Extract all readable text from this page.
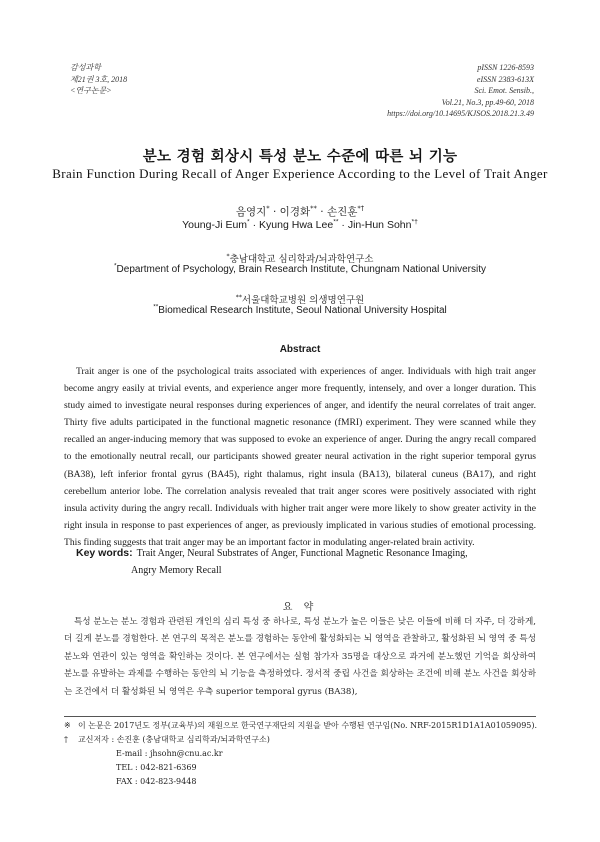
감성과학
제21권 3호, 2018
<연구논문>
pISSN 1226-8593
eISSN 2383-613X
Sci. Emot. Sensib.,
Vol.21, No.3, pp.49-60, 2018
https://doi.org/10.14695/KJSOS.2018.21.3.49
분노 경험 회상시 특성 분노 수준에 따른 뇌 기능
Brain Function During Recall of Anger Experience According to the Level of Trait Anger
음영지* · 이경화** · 손진훈*†
Young-Ji Eum* · Kyung Hwa Lee** · Jin-Hun Sohn*†
*충남대학교 심리학과/뇌과학연구소
*Department of Psychology, Brain Research Institute, Chungnam National University
**서울대학교병원 의생명연구원
**Biomedical Research Institute, Seoul National University Hospital
Abstract

Trait anger is one of the psychological traits associated with experiences of anger. Individuals with high trait anger become angry easily at trivial events, and experience anger more frequently, intensely, and over a longer duration. This study aimed to investigate neural responses during experiences of anger, and identify the neural correlates of trait anger. Thirty five adults participated in the functional magnetic resonance (fMRI) experiment. They were scanned while they recalled an anger-inducing memory that was supposed to evoke an experience of anger. During the angry recall compared to the emotionally neutral recall, our participants showed greater neural activation in the right superior temporal gyrus (BA38), left inferior frontal gyrus (BA45), right thalamus, right insula (BA13), bilateral cuneus (BA17), and right cerebellum anterior lobe. The correlation analysis revealed that trait anger scores were positively associated with right insula activity during the angry recall. Individuals with higher trait anger were more likely to show greater activity in the right insula in response to past experiences of anger, as previously implicated in various studies of emotional processing. This finding suggests that trait anger may be an important factor in modulating anger-related brain activity.

Key words: Trait Anger, Neural Substrates of Anger, Functional Magnetic Resonance Imaging,
Angry Memory Recall
요 약

특성 분노는 분노 경험과 관련된 개인의 심리 특성 중 하나로, 특성 분노가 높은 이들은 낮은 이들에 비해 더 자주, 더 강하게, 더 길게 분노를 경험한다. 본 연구의 목적은 분노를 경험하는 동안에 활성화되는 뇌 영역을 관찰하고, 활성화된 뇌 영역 중 특성 분노와 연관이 있는 영역을 확인하는 것이다. 본 연구에서는 실험 참가자 35명을 대상으로 과거에 분노했던 기억을 회상하여 분노를 유발하는 과제를 수행하는 동안의 뇌 기능을 측정하였다. 정서적 중립 사건을 회상하는 조건에 비해 분노 사건을 회상하는 조건에서 더 활성화된 뇌 영역은 우측 superior temporal gyrus (BA38),

※ 이 논문은 2017년도 정부(교육부)의 재원으로 한국연구재단의 지원을 받아 수행된 연구임(No. NRF-2015R1D1A1A01059095).
† 교신저자 : 손진훈 (충남대학교 심리학과/뇌과학연구소)
E-mail : jhsohn@cnu.ac.kr
TEL : 042-821-6369
FAX : 042-823-9448
